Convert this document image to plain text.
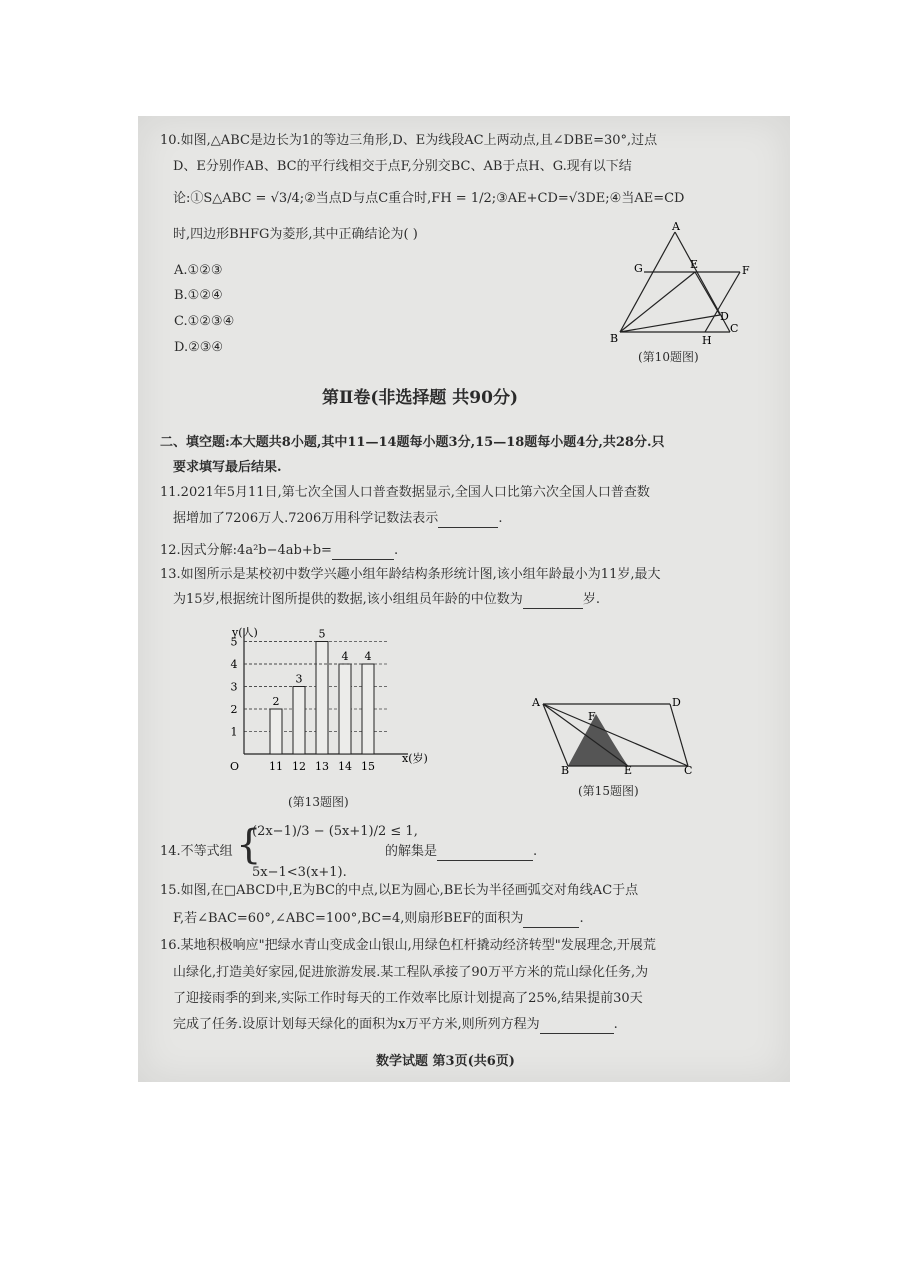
10.如图,△ABC是边长为1的等边三角形,D、E为线段AC上两动点,且∠DBE=30°,过点
D、E分别作AB、BC的平行线相交于点F,分别交BC、AB于点H、G.现有以下结
论:①S△ABC = √3/4;②当点D与点C重合时,FH = 1/2;③AE+CD=√3DE;④当AE=CD
时,四边形BHFG为菱形,其中正确结论为( )
A.①②③
B.①②④
C.①②③④
D.②③④
A
G	E	F
D
C
B	H
(第10题图)
第Ⅱ卷(非选择题 共90分)
二、填空题:本大题共8小题,其中11—14题每小题3分,15—18题每小题4分,共28分.只
要求填写最后结果.
11.2021年5月11日,第七次全国人口普查数据显示,全国人口比第六次全国人口普查数
据增加了7206万人.7206万用科学记数法表示	.
12.因式分解:4a²b−4ab+b=	.
13.如图所示是某校初中数学兴趣小组年龄结构条形统计图,该小组年龄最小为11岁,最大
为15岁,根据统计图所提供的数据,该小组组员年龄的中位数为	岁.
1
2
3
4
5
O
y(人)
x(岁)
2
11
3
12
5
13
4
14
4
15
(第13题图)
A
F
D
B	E	C
(第15题图)
14.不等式组 {
(2x−1)/3 − (5x+1)/2 ≤ 1,
5x−1<3(x+1).
的解集是	.
15.如图,在□ABCD中,E为BC的中点,以E为圆心,BE长为半径画弧交对角线AC于点
F,若∠BAC=60°,∠ABC=100°,BC=4,则扇形BEF的面积为	.
16.某地积极响应"把绿水青山变成金山银山,用绿色杠杆撬动经济转型"发展理念,开展荒
山绿化,打造美好家园,促进旅游发展.某工程队承接了90万平方米的荒山绿化任务,为
了迎接雨季的到来,实际工作时每天的工作效率比原计划提高了25%,结果提前30天
完成了任务.设原计划每天绿化的面积为x万平方米,则所列方程为	.
数学试题 第3页(共6页)
